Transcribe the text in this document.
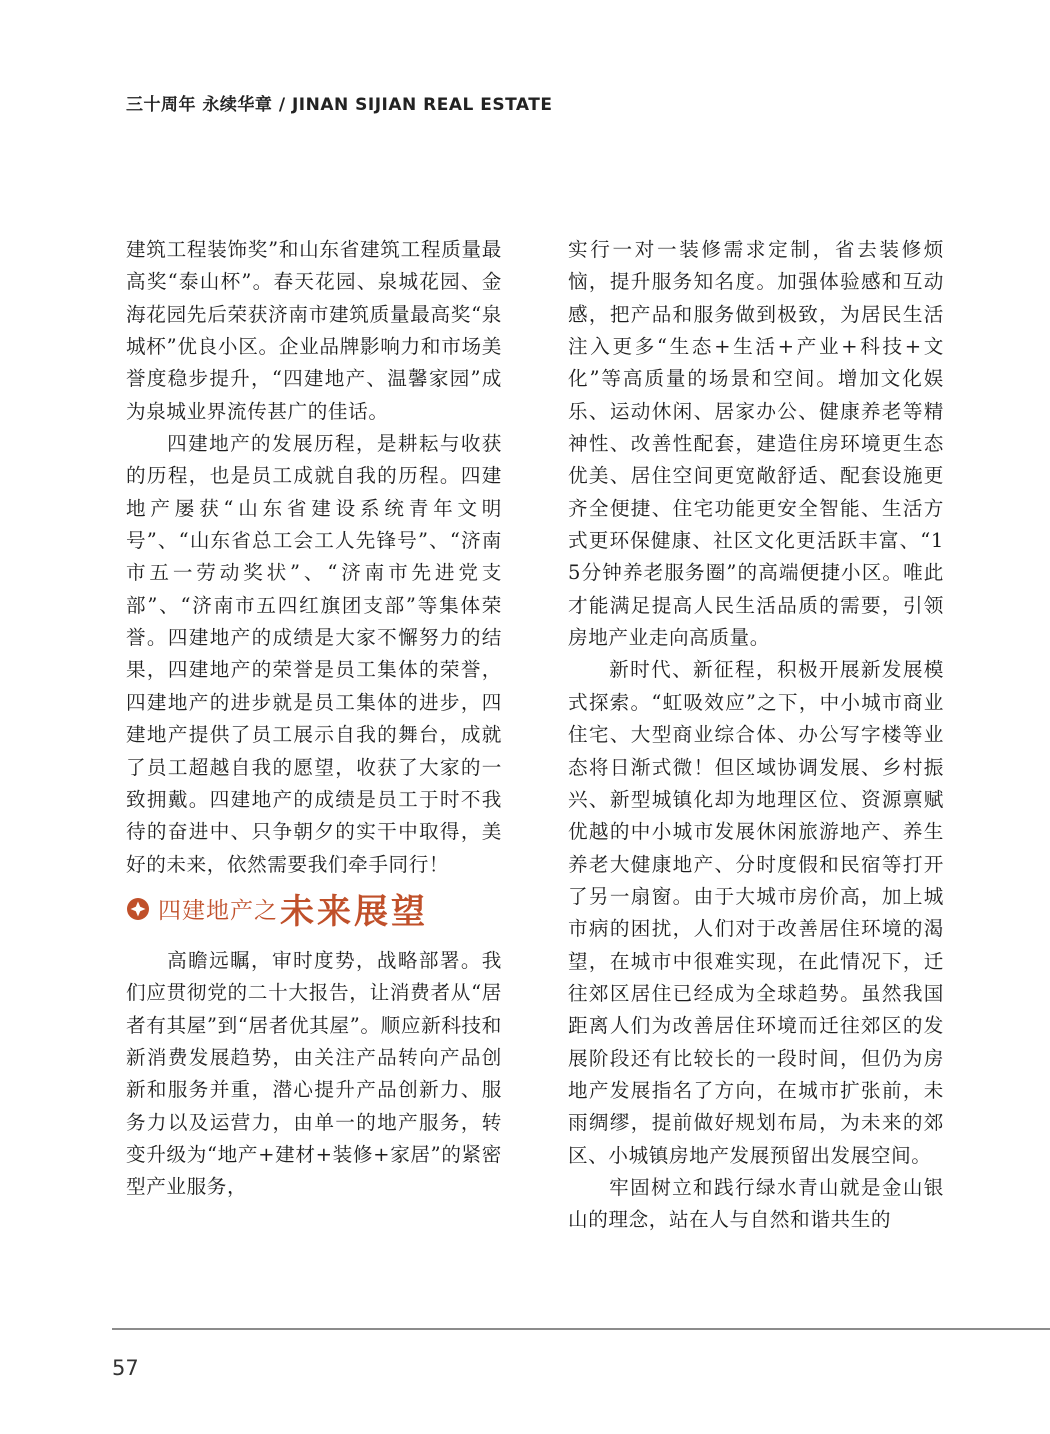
三十周年 永续华章 / JINAN SIJIAN REAL ESTATE

建筑工程装饰奖”和山东省建筑工程质量最高奖“泰山杯”。春天花园、泉城花园、金海花园先后荣获济南市建筑质量最高奖“泉城杯”优良小区。企业品牌影响力和市场美誉度稳步提升，“四建地产、温馨家园”成为泉城业界流传甚广的佳话。

四建地产的发展历程，是耕耘与收获的历程，也是员工成就自我的历程。四建地产屡获“山东省建设系统青年文明号”、“山东省总工会工人先锋号”、“济南市五一劳动奖状”、“济南市先进党支部”、“济南市五四红旗团支部”等集体荣誉。四建地产的成绩是大家不懈努力的结果，四建地产的荣誉是员工集体的荣誉，四建地产的进步就是员工集体的进步，四建地产提供了员工展示自我的舞台，成就了员工超越自我的愿望，收获了大家的一致拥戴。四建地产的成绩是员工于时不我待的奋进中、只争朝夕的实干中取得，美好的未来，依然需要我们牵手同行！

四建地产之 未来展望

高瞻远瞩，审时度势，战略部署。我们应贯彻党的二十大报告，让消费者从“居者有其屋”到“居者优其屋”。顺应新科技和新消费发展趋势，由关注产品转向产品创新和服务并重，潜心提升产品创新力、服务力以及运营力，由单一的地产服务，转变升级为“地产+建材+装修+家居”的紧密型产业服务，

实行一对一装修需求定制，省去装修烦恼，提升服务知名度。加强体验感和互动感，把产品和服务做到极致，为居民生活注入更多“生态+生活+产业+科技+文化”等高质量的场景和空间。增加文化娱乐、运动休闲、居家办公、健康养老等精神性、改善性配套，建造住房环境更生态优美、居住空间更宽敞舒适、配套设施更齐全便捷、住宅功能更安全智能、生活方式更环保健康、社区文化更活跃丰富、“15分钟养老服务圈”的高端便捷小区。唯此才能满足提高人民生活品质的需要，引领房地产业走向高质量。

新时代、新征程，积极开展新发展模式探索。“虹吸效应”之下，中小城市商业住宅、大型商业综合体、办公写字楼等业态将日渐式微！但区域协调发展、乡村振兴、新型城镇化却为地理区位、资源禀赋优越的中小城市发展休闲旅游地产、养生养老大健康地产、分时度假和民宿等打开了另一扇窗。由于大城市房价高，加上城市病的困扰，人们对于改善居住环境的渴望，在城市中很难实现，在此情况下，迁往郊区居住已经成为全球趋势。虽然我国距离人们为改善居住环境而迁往郊区的发展阶段还有比较长的一段时间，但仍为房地产发展指名了方向，在城市扩张前，未雨绸缪，提前做好规划布局，为未来的郊区、小城镇房地产发展预留出发展空间。

牢固树立和践行绿水青山就是金山银山的理念，站在人与自然和谐共生的

57
